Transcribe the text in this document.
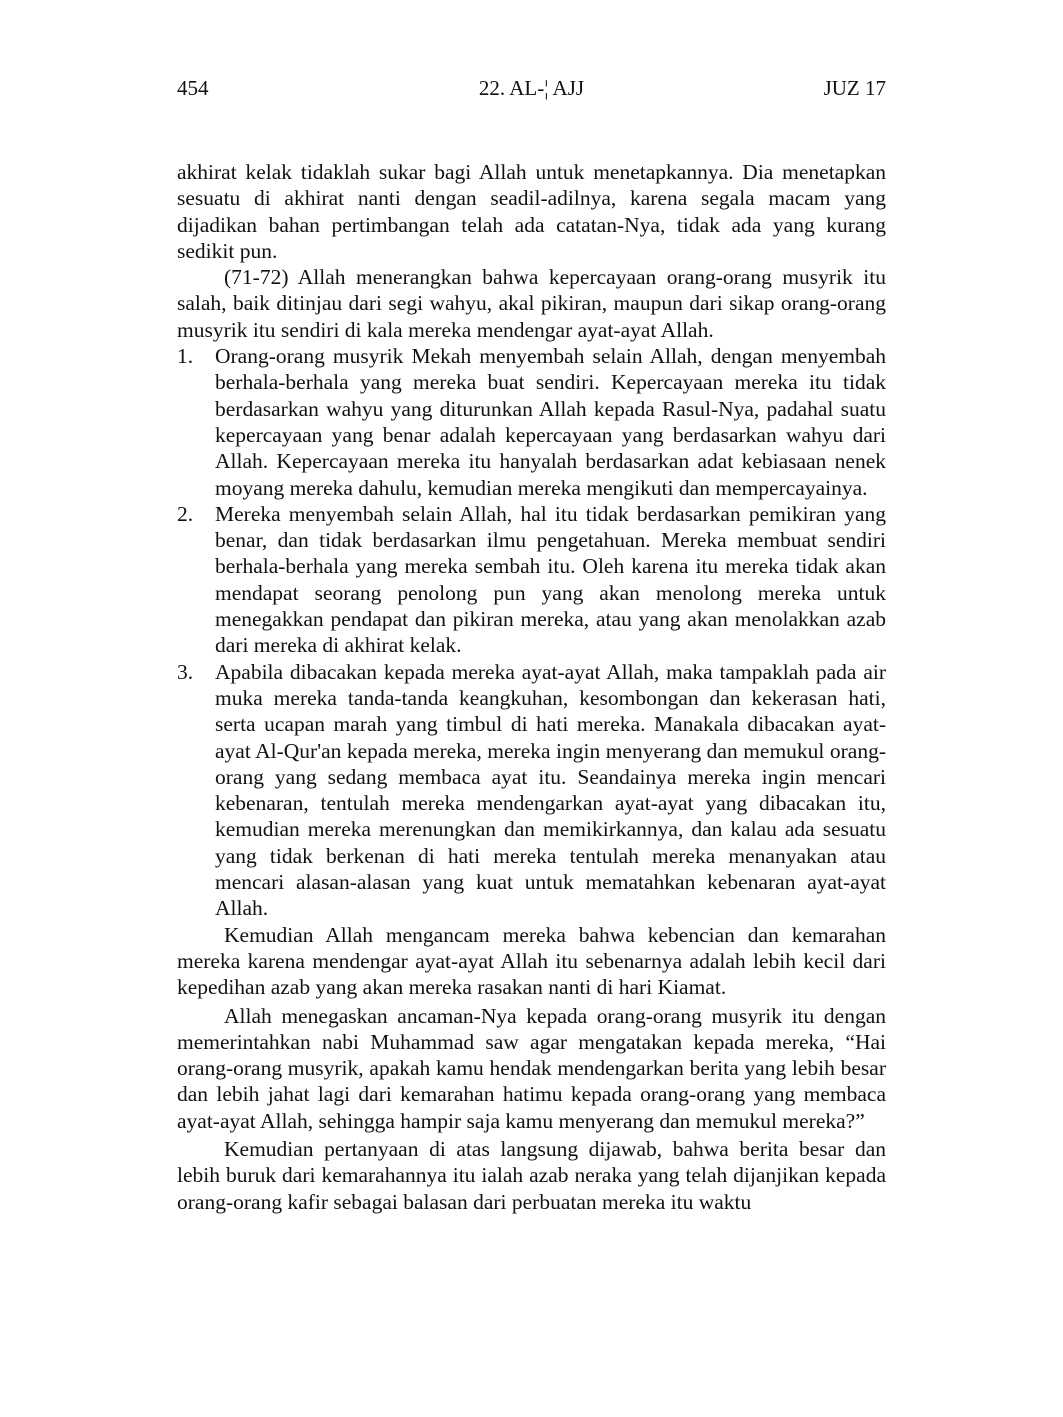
454	22. AL-¦ AJJ	JUZ 17

akhirat kelak tidaklah sukar bagi Allah untuk menetapkannya. Dia menetapkan sesuatu di akhirat nanti dengan seadil-adilnya, karena segala macam yang dijadikan bahan pertimbangan telah ada catatan-Nya, tidak ada yang kurang sedikit pun.

(71-72) Allah menerangkan bahwa kepercayaan orang-orang musyrik itu salah, baik ditinjau dari segi wahyu, akal pikiran, maupun dari sikap orang-orang musyrik itu sendiri di kala mereka mendengar ayat-ayat Allah.

1. Orang-orang musyrik Mekah menyembah selain Allah, dengan menyembah berhala-berhala yang mereka buat sendiri. Kepercayaan mereka itu tidak berdasarkan wahyu yang diturunkan Allah kepada Rasul-Nya, padahal suatu kepercayaan yang benar adalah kepercayaan yang berdasarkan wahyu dari Allah. Kepercayaan mereka itu hanyalah berdasarkan adat kebiasaan nenek moyang mereka dahulu, kemudian mereka mengikuti dan mempercayainya.
2. Mereka menyembah selain Allah, hal itu tidak berdasarkan pemikiran yang benar, dan tidak berdasarkan ilmu pengetahuan. Mereka membuat sendiri berhala-berhala yang mereka sembah itu. Oleh karena itu mereka tidak akan mendapat seorang penolong pun yang akan menolong mereka untuk menegakkan pendapat dan pikiran mereka, atau yang akan menolakkan azab dari mereka di akhirat kelak.
3. Apabila dibacakan kepada mereka ayat-ayat Allah, maka tampaklah pada air muka mereka tanda-tanda keangkuhan, kesombongan dan kekerasan hati, serta ucapan marah yang timbul di hati mereka. Manakala dibacakan ayat-ayat Al-Qur'an kepada mereka, mereka ingin menyerang dan memukul orang-orang yang sedang membaca ayat itu. Seandainya mereka ingin mencari kebenaran, tentulah mereka mendengarkan ayat-ayat yang dibacakan itu, kemudian mereka merenungkan dan memikirkannya, dan kalau ada sesuatu yang tidak berkenan di hati mereka tentulah mereka menanyakan atau mencari alasan-alasan yang kuat untuk mematahkan kebenaran ayat-ayat Allah.

Kemudian Allah mengancam mereka bahwa kebencian dan kemarahan mereka karena mendengar ayat-ayat Allah itu sebenarnya adalah lebih kecil dari kepedihan azab yang akan mereka rasakan nanti di hari Kiamat.

Allah menegaskan ancaman-Nya kepada orang-orang musyrik itu dengan memerintahkan nabi Muhammad saw agar mengatakan kepada mereka, “Hai orang-orang musyrik, apakah kamu hendak mendengarkan berita yang lebih besar dan lebih jahat lagi dari kemarahan hatimu kepada orang-orang yang membaca ayat-ayat Allah, sehingga hampir saja kamu menyerang dan memukul mereka?”

Kemudian pertanyaan di atas langsung dijawab, bahwa berita besar dan lebih buruk dari kemarahannya itu ialah azab neraka yang telah dijanjikan kepada orang-orang kafir sebagai balasan dari perbuatan mereka itu waktu
